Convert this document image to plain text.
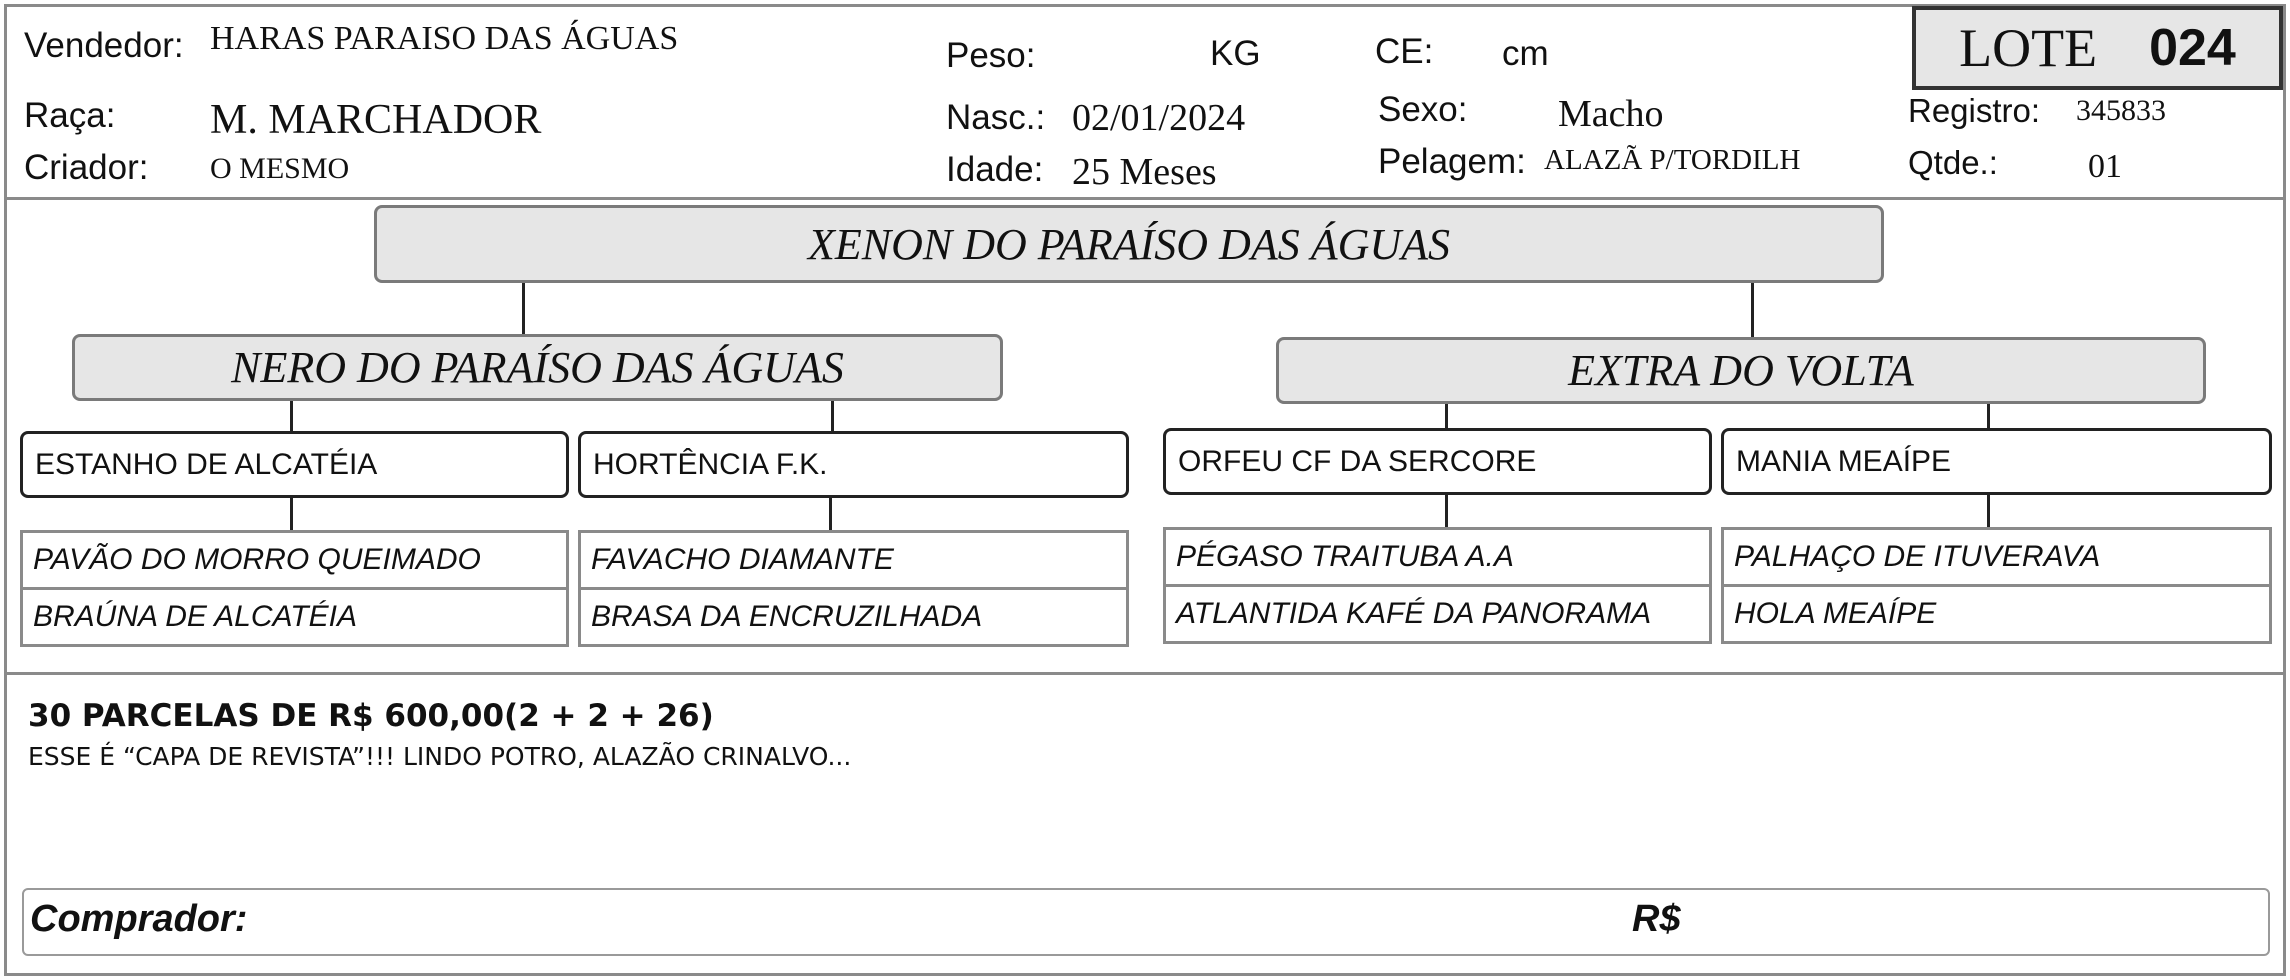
Vendedor: HARAS PARAISO DAS ÁGUAS
Raça: M. MARCHADOR
Criador: O MESMO
Peso:	KG
Nasc.: 02/01/2024
Idade: 25 Meses
CE: cm
Sexo: Macho
Pelagem: ALAZÃ P/TORDILH
LOTE 024
Registro: 345833
Qtde.:	01
XENON DO PARAÍSO DAS ÁGUAS
NERO DO PARAÍSO DAS ÁGUAS	EXTRA DO VOLTA
ESTANHO DE ALCATÉIA	HORTÊNCIA F.K.	ORFEU CF DA SERCORE	MANIA MEAÍPE
PAVÃO DO MORRO QUEIMADO
BRAÚNA DE ALCATÉIA
FAVACHO DIAMANTE
BRASA DA ENCRUZILHADA
PÉGASO TRAITUBA A.A
ATLANTIDA KAFÉ DA PANORAMA
PALHAÇO DE ITUVERAVA
HOLA MEAÍPE
30 PARCELAS DE R$ 600,00(2 + 2 + 26)
ESSE É “CAPA DE REVISTA”!!! LINDO POTRO, ALAZÃO CRINALVO...
Comprador:	R$
